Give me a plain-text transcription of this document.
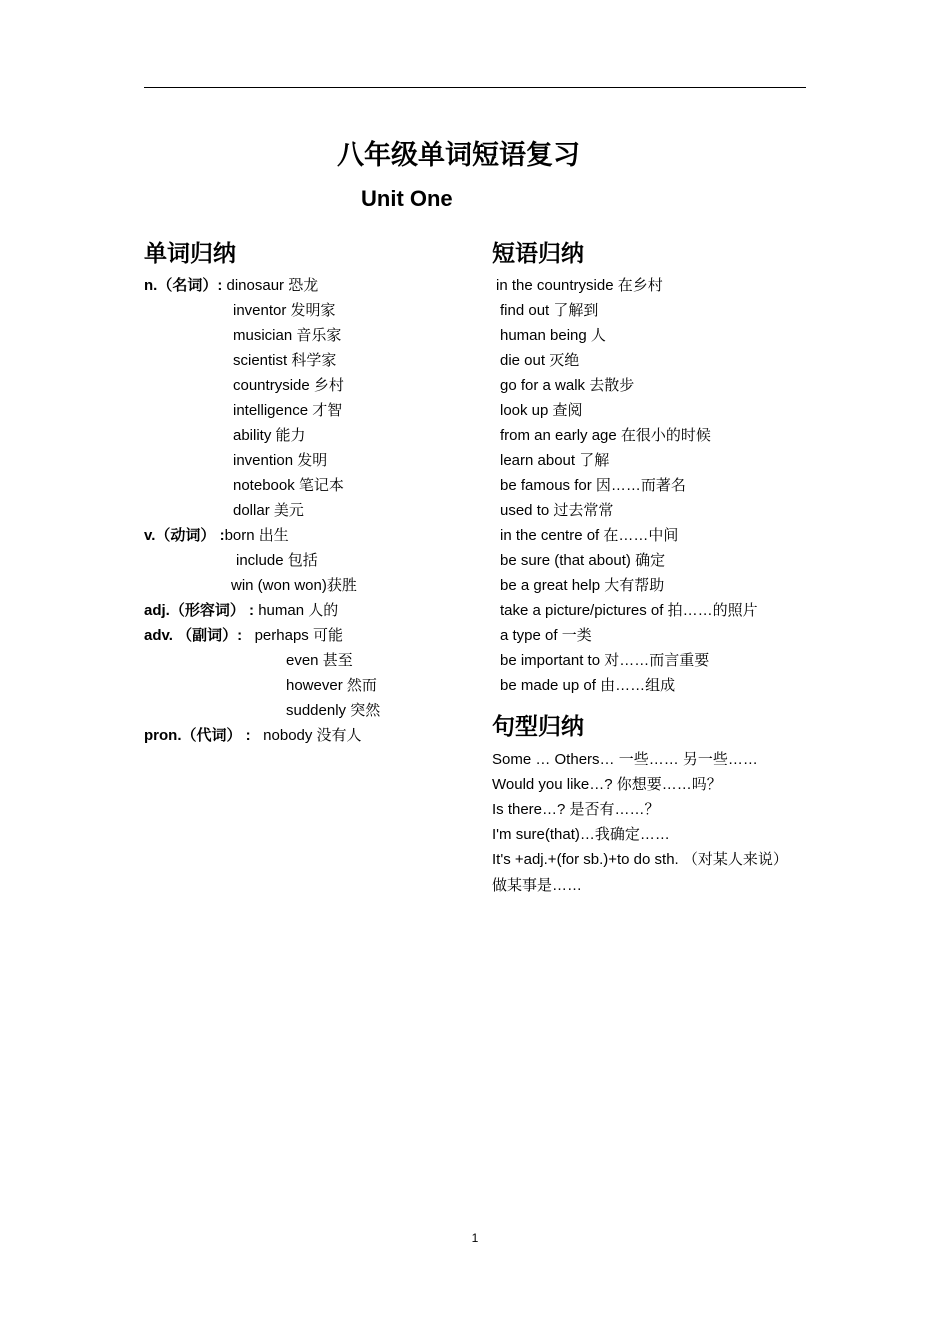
八年级单词短语复习
Unit One
单词归纳	短语归纳
句型归纳
n.（名词）: dinosaur 恐龙
inventor 发明家
musician 音乐家
scientist 科学家
countryside 乡村
intelligence 才智
ability 能力
invention 发明
notebook 笔记本
dollar 美元
v.（动词） :born 出生
include 包括
win (won won)获胜
adj.（形容词） : human 人的
adv. （副词）: perhaps 可能
even 甚至
however 然而
suddenly 突然
pron.（代词） : nobody 没有人
in the countryside 在乡村
find out 了解到
human being 人
die out 灭绝
go for a walk 去散步
look up 查阅
from an early age 在很小的时候
learn about 了解
be famous for 因……而著名
used to 过去常常
in the centre of 在……中间
be sure (that about) 确定
be a great help 大有帮助
take a picture/pictures of 拍……的照片
a type of 一类
be important to 对……而言重要
be made up of 由……组成
Some … Others… 一些…… 另一些……
Would you like…? 你想要……吗？
Is there…? 是否有……？
I'm sure(that)…我确定……
It's +adj.+(for sb.)+to do sth. （对某人来说）
做某事是……
1
